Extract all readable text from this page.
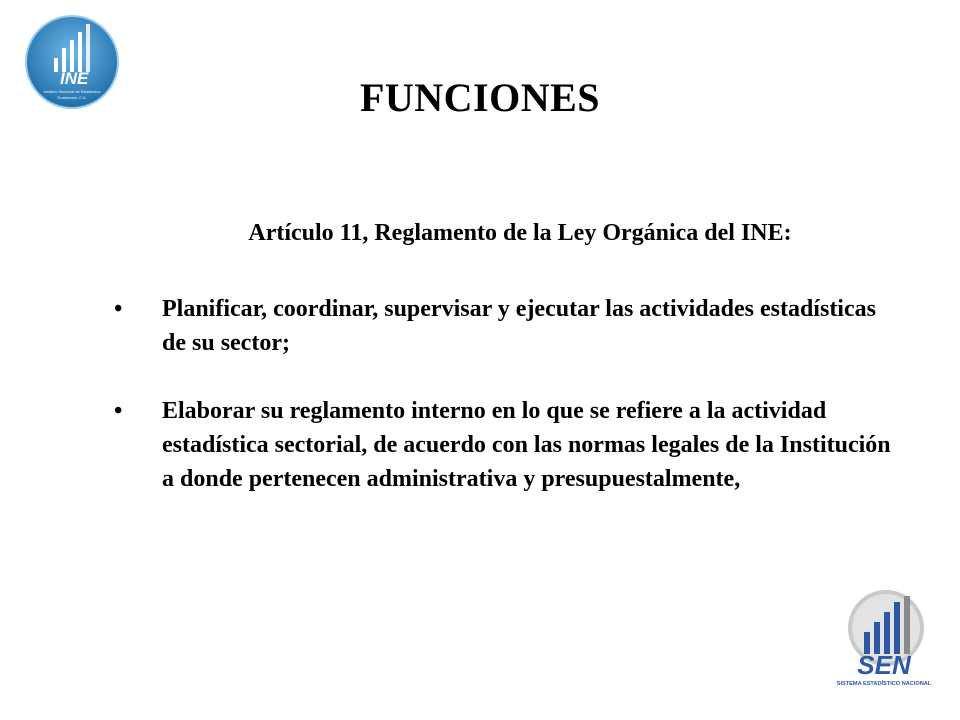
INE
Instituto Nacional de Estadística
Guatemala, C.A.	FUNCIONES

Artículo 11, Reglamento de la Ley Orgánica del INE:

• Planificar, coordinar, supervisar y ejecutar las actividades estadísticas de su sector;
• Elaborar su reglamento interno en lo que se refiere a la actividad estadística sectorial, de acuerdo con las normas legales de la Institución a donde pertenecen administrativa y presupuestalmente,
SEN
SISTEMA ESTADÍSTICO NACIONAL
